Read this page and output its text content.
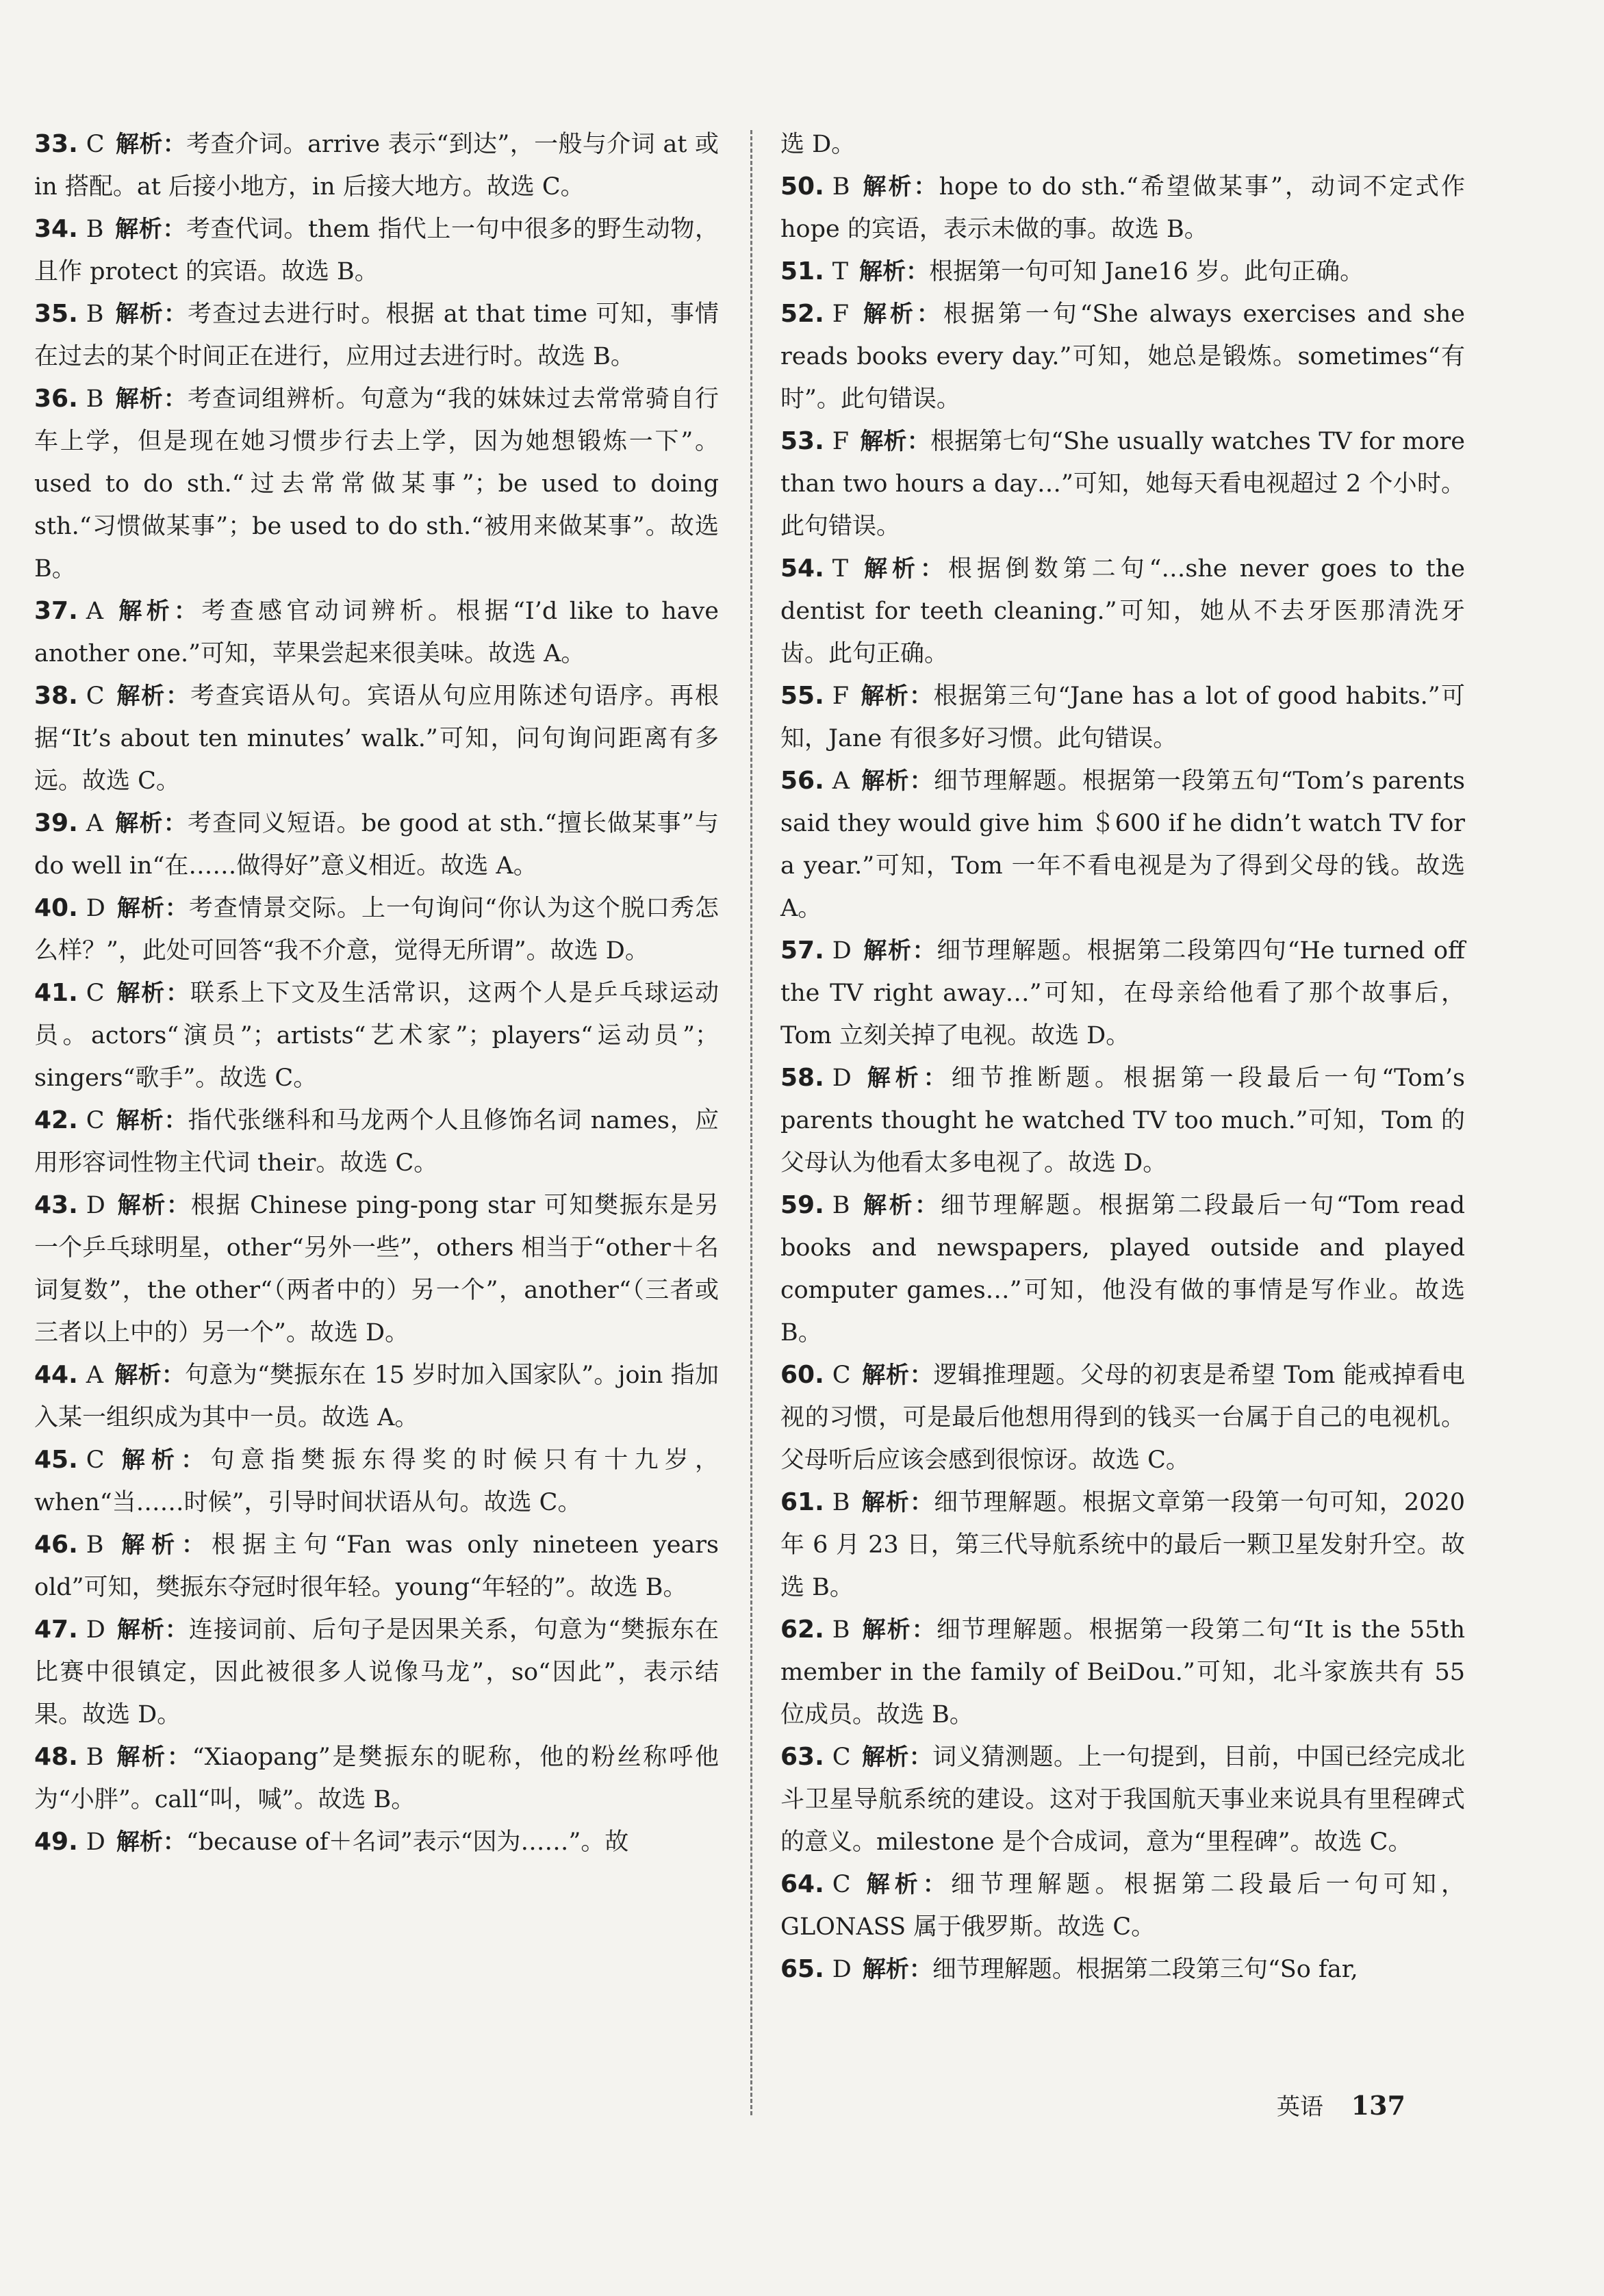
33. C 解析：考查介词。arrive 表示“到达”，一般与介词 at 或 in 搭配。at 后接小地方，in 后接大地方。故选 C。

34. B 解析：考查代词。them 指代上一句中很多的野生动物，且作 protect 的宾语。故选 B。

35. B 解析：考查过去进行时。根据 at that time 可知，事情在过去的某个时间正在进行，应用过去进行时。故选 B。

36. B 解析：考查词组辨析。句意为“我的妹妹过去常常骑自行车上学，但是现在她习惯步行去上学，因为她想锻炼一下”。used to do sth.“过去常常做某事”；be used to doing sth.“习惯做某事”；be used to do sth.“被用来做某事”。故选 B。

37. A 解析：考查感官动词辨析。根据“I’d like to have another one.”可知，苹果尝起来很美味。故选 A。

38. C 解析：考查宾语从句。宾语从句应用陈述句语序。再根据“It’s about ten minutes’ walk.”可知，问句询问距离有多远。故选 C。

39. A 解析：考查同义短语。be good at sth.“擅长做某事”与 do well in“在……做得好”意义相近。故选 A。

40. D 解析：考查情景交际。上一句询问“你认为这个脱口秀怎么样？”，此处可回答“我不介意，觉得无所谓”。故选 D。

41. C 解析：联系上下文及生活常识，这两个人是乒乓球运动员。actors“演员”；artists“艺术家”；players“运动员”；singers“歌手”。故选 C。

42. C 解析：指代张继科和马龙两个人且修饰名词 names，应用形容词性物主代词 their。故选 C。

43. D 解析：根据 Chinese ping-pong star 可知樊振东是另一个乒乓球明星，other“另外一些”，others 相当于“other＋名词复数”，the other“（两者中的）另一个”，another“（三者或三者以上中的）另一个”。故选 D。

44. A 解析：句意为“樊振东在 15 岁时加入国家队”。join 指加入某一组织成为其中一员。故选 A。

45. C 解析：句意指樊振东得奖的时候只有十九岁，when“当……时候”，引导时间状语从句。故选 C。

46. B 解析：根据主句“Fan was only nineteen years old”可知，樊振东夺冠时很年轻。young“年轻的”。故选 B。

47. D 解析：连接词前、后句子是因果关系，句意为“樊振东在比赛中很镇定，因此被很多人说像马龙”，so“因此”，表示结果。故选 D。

48. B 解析：“Xiaopang”是樊振东的昵称，他的粉丝称呼他为“小胖”。call“叫，喊”。故选 B。

49. D 解析：“because of＋名词”表示“因为……”。故

选 D。

50. B 解析：hope to do sth.“希望做某事”，动词不定式作 hope 的宾语，表示未做的事。故选 B。

51. T 解析：根据第一句可知 Jane16 岁。此句正确。

52. F 解析：根据第一句“She always exercises and she reads books every day.”可知，她总是锻炼。sometimes“有时”。此句错误。

53. F 解析：根据第七句“She usually watches TV for more than two hours a day…”可知，她每天看电视超过 2 个小时。此句错误。

54. T 解析：根据倒数第二句“…she never goes to the dentist for teeth cleaning.”可知，她从不去牙医那清洗牙齿。此句正确。

55. F 解析：根据第三句“Jane has a lot of good habits.”可知，Jane 有很多好习惯。此句错误。

56. A 解析：细节理解题。根据第一段第五句“Tom’s parents said they would give him ＄600 if he didn’t watch TV for a year.”可知，Tom 一年不看电视是为了得到父母的钱。故选 A。

57. D 解析：细节理解题。根据第二段第四句“He turned off the TV right away…”可知，在母亲给他看了那个故事后，Tom 立刻关掉了电视。故选 D。

58. D 解析：细节推断题。根据第一段最后一句“Tom’s parents thought he watched TV too much.”可知，Tom 的父母认为他看太多电视了。故选 D。

59. B 解析：细节理解题。根据第二段最后一句“Tom read books and newspapers, played outside and played computer games…”可知，他没有做的事情是写作业。故选 B。

60. C 解析：逻辑推理题。父母的初衷是希望 Tom 能戒掉看电视的习惯，可是最后他想用得到的钱买一台属于自己的电视机。父母听后应该会感到很惊讶。故选 C。

61. B 解析：细节理解题。根据文章第一段第一句可知，2020 年 6 月 23 日，第三代导航系统中的最后一颗卫星发射升空。故选 B。

62. B 解析：细节理解题。根据第一段第二句“It is the 55th member in the family of BeiDou.”可知，北斗家族共有 55 位成员。故选 B。

63. C 解析：词义猜测题。上一句提到，目前，中国已经完成北斗卫星导航系统的建设。这对于我国航天事业来说具有里程碑式的意义。milestone 是个合成词，意为“里程碑”。故选 C。

64. C 解析：细节理解题。根据第二段最后一句可知，GLONASS 属于俄罗斯。故选 C。

65. D 解析：细节理解题。根据第二段第三句“So far,

英语 137
